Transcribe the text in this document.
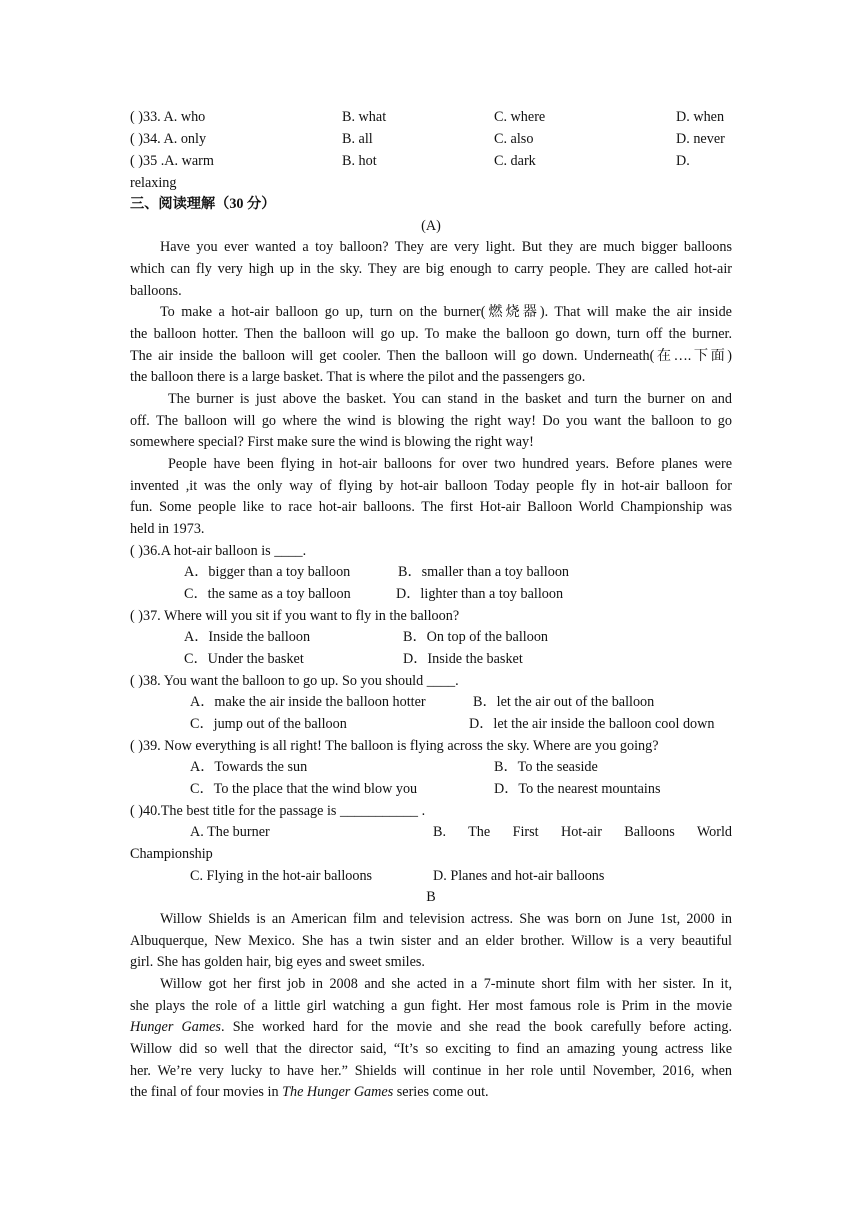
( )33. A. who	B. what	C. where	D. when
( )34. A. only	B. all	C. also	D. never
( )35 .A. warm	B. hot	C. dark	D.
relaxing
三、阅读理解（30 分）
(A)
Have you ever wanted a toy balloon? They are very light. But they are much bigger balloons
which can fly very high up in the sky. They are big enough to carry people. They are called hot-air
balloons.
To make a hot-air balloon go up, turn on the burner(燃烧器). That will make the air inside
the balloon hotter. Then the balloon will go up. To make the balloon go down, turn off the burner.
The air inside the balloon will get cooler. Then the balloon will go down. Underneath(在….下面)
the balloon there is a large basket. That is where the pilot and the passengers go.
The burner is just above the basket. You can stand in the basket and turn the burner on and
off. The balloon will go where the wind is blowing the right way! Do you want the balloon to go
somewhere special? First make sure the wind is blowing the right way!
People have been flying in hot-air balloons for over two hundred years. Before planes were
invented ,it was the only way of flying by hot-air balloon Today people fly in hot-air balloon for
fun. Some people like to race hot-air balloons. The first Hot-air Balloon World Championship was
held in 1973.
( )36.A hot-air balloon is ____.
A．bigger than a toy balloon	B．smaller than a toy balloon
C．the same as a toy balloon	D．lighter than a toy balloon
( )37. Where will you sit if you want to fly in the balloon?
A．Inside the balloon	B．On top of the balloon
C．Under the basket	D．Inside the basket
( )38. You want the balloon to go up. So you should ____.
A．make the air inside the balloon hotter	B．let the air out of the balloon
C．jump out of the balloon	D．let the air inside the balloon cool down
( )39. Now everything is all right! The balloon is flying across the sky. Where are you going?
A．Towards the sun	B．To the seaside
C．To the place that the wind blow you	D．To the nearest mountains
( )40.The best title for the passage is ___________ .
A. The burner	B. The First Hot-air Balloons World
Championship
C. Flying in the hot-air balloons	D. Planes and hot-air balloons
B
Willow Shields is an American film and television actress. She was born on June 1st, 2000 in
Albuquerque, New Mexico. She has a twin sister and an elder brother. Willow is a very beautiful
girl. She has golden hair, big eyes and sweet smiles.
Willow got her first job in 2008 and she acted in a 7-minute short film with her sister. In it,
she plays the role of a little girl watching a gun fight. Her most famous role is Prim in the movie
Hunger Games. She worked hard for the movie and she read the book carefully before acting.
Willow did so well that the director said, “It’s so exciting to find an amazing young actress like
her. We’re very lucky to have her.” Shields will continue in her role until November, 2016, when
the final of four movies in The Hunger Games series come out.
